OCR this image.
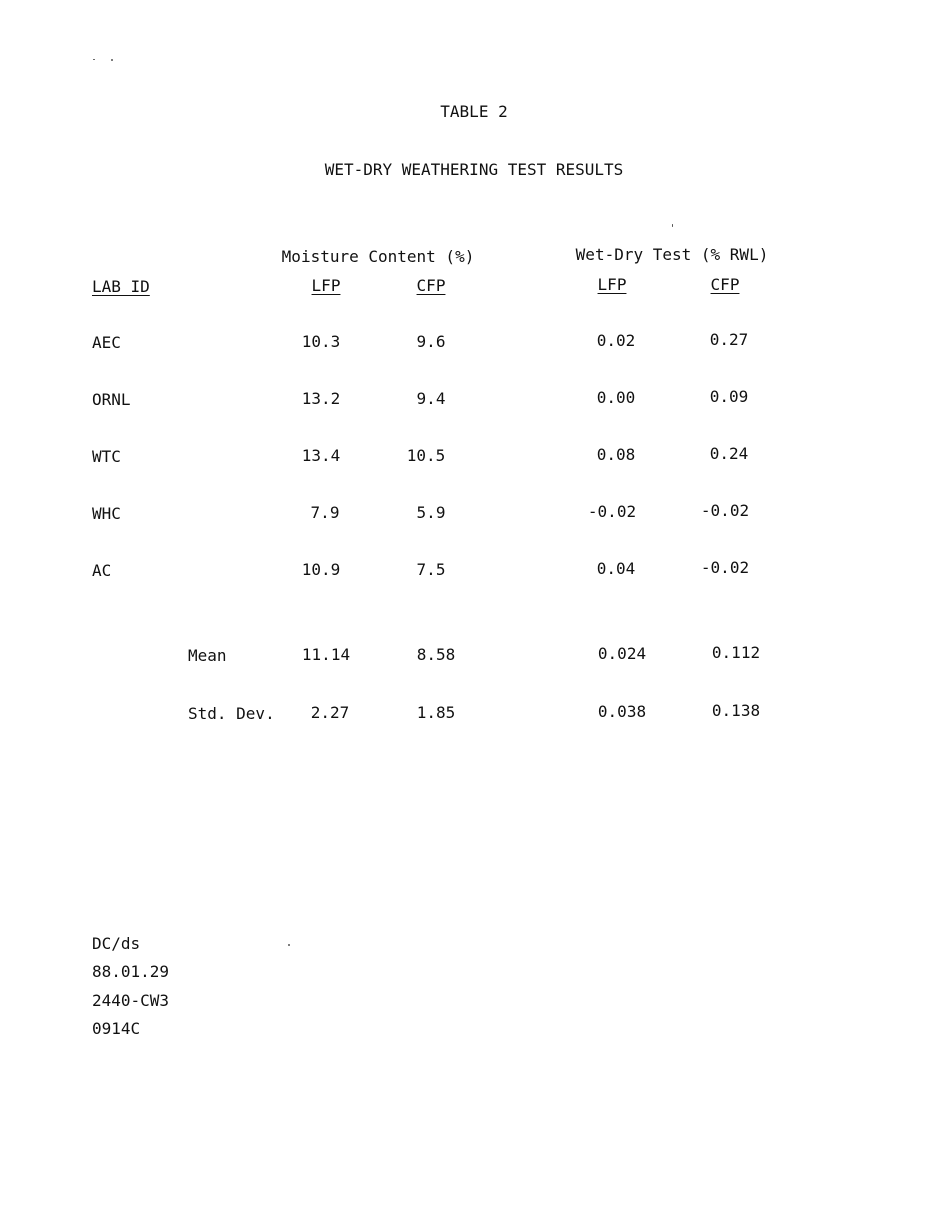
TABLE 2
WET-DRY WEATHERING TEST RESULTS
Moisture Content (%)	Wet-Dry Test (% RWL)
LAB ID	LFP	CFP	LFP	CFP
AEC	10.3	9.6	0.02	0.27
ORNL	13.2	9.4	0.00	0.09
WTC	13.4	10.5	0.08	0.24
WHC	7.9	5.9	-0.02	-0.02
AC	10.9	7.5	0.04	-0.02
Mean	11.14	8.58	0.024	0.112
Std. Dev. 2.27	1.85	0.038	0.138
DC/ds
88.01.29
2440-CW3
0914C
